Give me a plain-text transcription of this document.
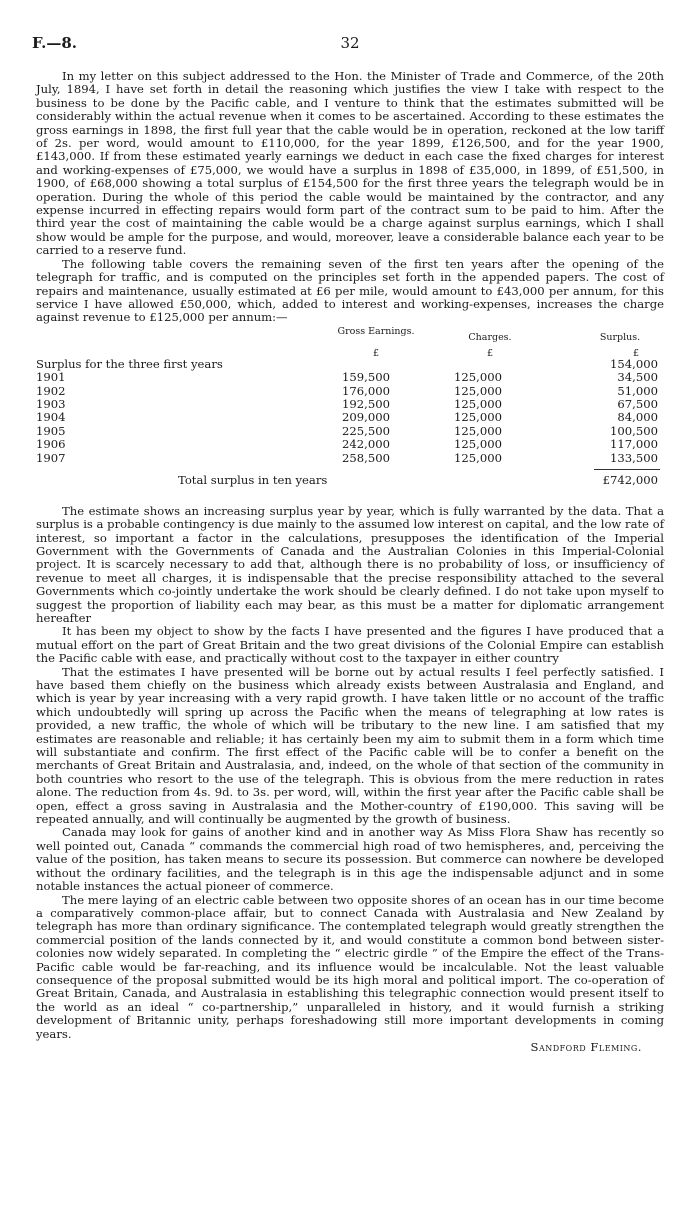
F.—8.	32

In my letter on this subject addressed to the Hon. the Minister of Trade and Commerce, of the 20th July, 1894, I have set forth in detail the reasoning which justifies the view I take with respect to the business to be done by the Pacific cable, and I venture to think that the estimates submitted will be considerably within the actual revenue when it comes to be ascertained. According to these estimates the gross earnings in 1898, the first full year that the cable would be in operation, reckoned at the low tariff of 2s. per word, would amount to £110,000, for the year 1899, £126,500, and for the year 1900, £143,000. If from these estimated yearly earnings we deduct in each case the fixed charges for interest and working-expenses of £75,000, we would have a surplus in 1898 of £35,000, in 1899, of £51,500, in 1900, of £68,000 showing a total surplus of £154,500 for the first three years the telegraph would be in operation. During the whole of this period the cable would be maintained by the contractor, and any expense incurred in effecting repairs would form part of the contract sum to be paid to him. After the third year the cost of maintaining the cable would be a charge against surplus earnings, which I shall show would be ample for the purpose, and would, moreover, leave a considerable balance each year to be carried to a reserve fund.

The following table covers the remaining seven of the first ten years after the opening of the telegraph for traffic, and is computed on the principles set forth in the appended papers. The cost of repairs and maintenance, usually estimated at £6 per mile, would amount to £43,000 per annum, for this service I have allowed £50,000, which, added to interest and working-expenses, increases the charge against revenue to £125,000 per annum:—

Gross Earnings.
Charges.	Surplus.
£	£	£
Surplus for the three first years	154,000
1901	159,500	125,000	34,500
1902	176,000	125,000	51,000
1903	192,500	125,000	67,500
1904	209,000	125,000	84,000
1905	225,500	125,000	100,500
1906	242,000	125,000	117,000
1907	258,500	125,000	133,500
Total surplus in ten years	£742,000

The estimate shows an increasing surplus year by year, which is fully warranted by the data. That a surplus is a probable contingency is due mainly to the assumed low interest on capital, and the low rate of interest, so important a factor in the calculations, presupposes the identification of the Imperial Government with the Governments of Canada and the Australian Colonies in this Imperial-Colonial project. It is scarcely necessary to add that, although there is no probability of loss, or insufficiency of revenue to meet all charges, it is indispensable that the precise responsibility attached to the several Governments which co-jointly undertake the work should be clearly defined. I do not take upon myself to suggest the proportion of liability each may bear, as this must be a matter for diplomatic arrangement hereafter

It has been my object to show by the facts I have presented and the figures I have produced that a mutual effort on the part of Great Britain and the two great divisions of the Colonial Empire can establish the Pacific cable with ease, and practically without cost to the taxpayer in either country

That the estimates I have presented will be borne out by actual results I feel perfectly satisfied. I have based them chiefly on the business which already exists between Australasia and England, and which is year by year increasing with a very rapid growth. I have taken little or no account of the traffic which undoubtedly will spring up across the Pacific when the means of telegraphing at low rates is provided, a new traffic, the whole of which will be tributary to the new line. I am satisfied that my estimates are reasonable and reliable; it has certainly been my aim to submit them in a form which time will substantiate and confirm. The first effect of the Pacific cable will be to confer a benefit on the merchants of Great Britain and Australasia, and, indeed, on the whole of that section of the community in both countries who resort to the use of the telegraph. This is obvious from the mere reduction in rates alone. The reduction from 4s. 9d. to 3s. per word, will, within the first year after the Pacific cable shall be open, effect a gross saving in Australasia and the Mother-country of £190,000. This saving will be repeated annually, and will continually be augmented by the growth of business.

Canada may look for gains of another kind and in another way As Miss Flora Shaw has recently so well pointed out, Canada “ commands the commercial high road of two hemispheres, and, perceiving the value of the position, has taken means to secure its possession. But commerce can nowhere be developed without the ordinary facilities, and the telegraph is in this age the indispensable adjunct and in some notable instances the actual pioneer of commerce.

The mere laying of an electric cable between two opposite shores of an ocean has in our time become a comparatively common-place affair, but to connect Canada with Australasia and New Zealand by telegraph has more than ordinary significance. The contemplated telegraph would greatly strengthen the commercial position of the lands connected by it, and would constitute a common bond between sister-colonies now widely separated. In completing the “ electric girdle ” of the Empire the effect of the Trans-Pacific cable would be far-reaching, and its influence would be incalculable. Not the least valuable consequence of the proposal submitted would be its high moral and political import. The co-operation of Great Britain, Canada, and Australasia in establishing this telegraphic connection would present itself to the world as an ideal “ co-partnership,” unparalleled in history, and it would furnish a striking development of Britannic unity, perhaps foreshadowing still more important developments in coming years.

Sandford Fleming.
